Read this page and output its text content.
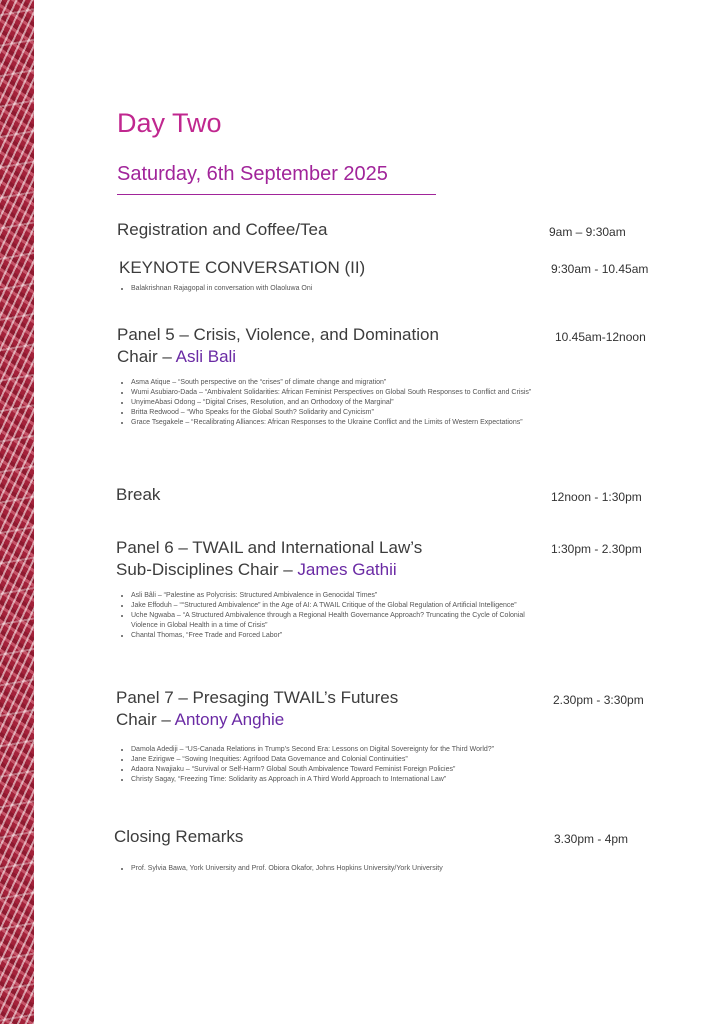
Day Two
Saturday, 6th September 2025
Registration and Coffee/Tea	9am – 9:30am
KEYNOTE CONVERSATION (II)	9:30am - 10.45am
• Balakrishnan Rajagopal in conversation with Olaoluwa Oni
Panel 5 – Crisis, Violence, and Domination
Chair – Asli Bali
10.45am-12noon
• Asma Atique – “South perspective on the “crises” of climate change and migration”
• Wumi Asubiaro-Dada – “Ambivalent Solidarities: African Feminist Perspectives on Global South Responses to Conflict and Crisis”
• UnyimeAbasi Odong – “Digital Crises, Resolution, and an Orthodoxy of the Marginal”
• Britta Redwood – “Who Speaks for the Global South? Solidarity and Cynicism”
• Grace Tsegakele – “Recalibrating Alliances: African Responses to the Ukraine Conflict and the Limits of Western Expectations”
Break	12noon - 1:30pm
Panel 6 – TWAIL and International Law’s
Sub-Disciplines Chair – James Gathii
1:30pm - 2.30pm
• Asli Bâli – “Palestine as Polycrisis: Structured Ambivalence in Genocidal Times”
• Jake Effoduh – ““Structured Ambivalence” in the Age of AI: A TWAIL Critique of the Global Regulation of Artificial Intelligence”
• Uche Ngwaba – “A Structured Ambivalence through a Regional Health Governance Approach? Truncating the Cycle of Colonial Violence in Global Health in a time of Crisis”
• Chantal Thomas, “Free Trade and Forced Labor”
Panel 7 – Presaging TWAIL’s Futures
Chair – Antony Anghie
2.30pm - 3:30pm
• Damola Adediji – “US-Canada Relations in Trump’s Second Era: Lessons on Digital Sovereignty for the Third World?”
• Jane Ezirigwe – “Sowing Inequities: Agrifood Data Governance and Colonial Continuities”
• Adaora Nwajiaku – “Survival or Self-Harm? Global South Ambivalence Toward Feminist Foreign Policies”
• Christy Sagay, “Freezing Time: Solidarity as Approach in A Third World Approach to International Law”
Closing Remarks	3.30pm - 4pm
• Prof. Sylvia Bawa, York University and Prof. Obiora Okafor, Johns Hopkins University/York University
